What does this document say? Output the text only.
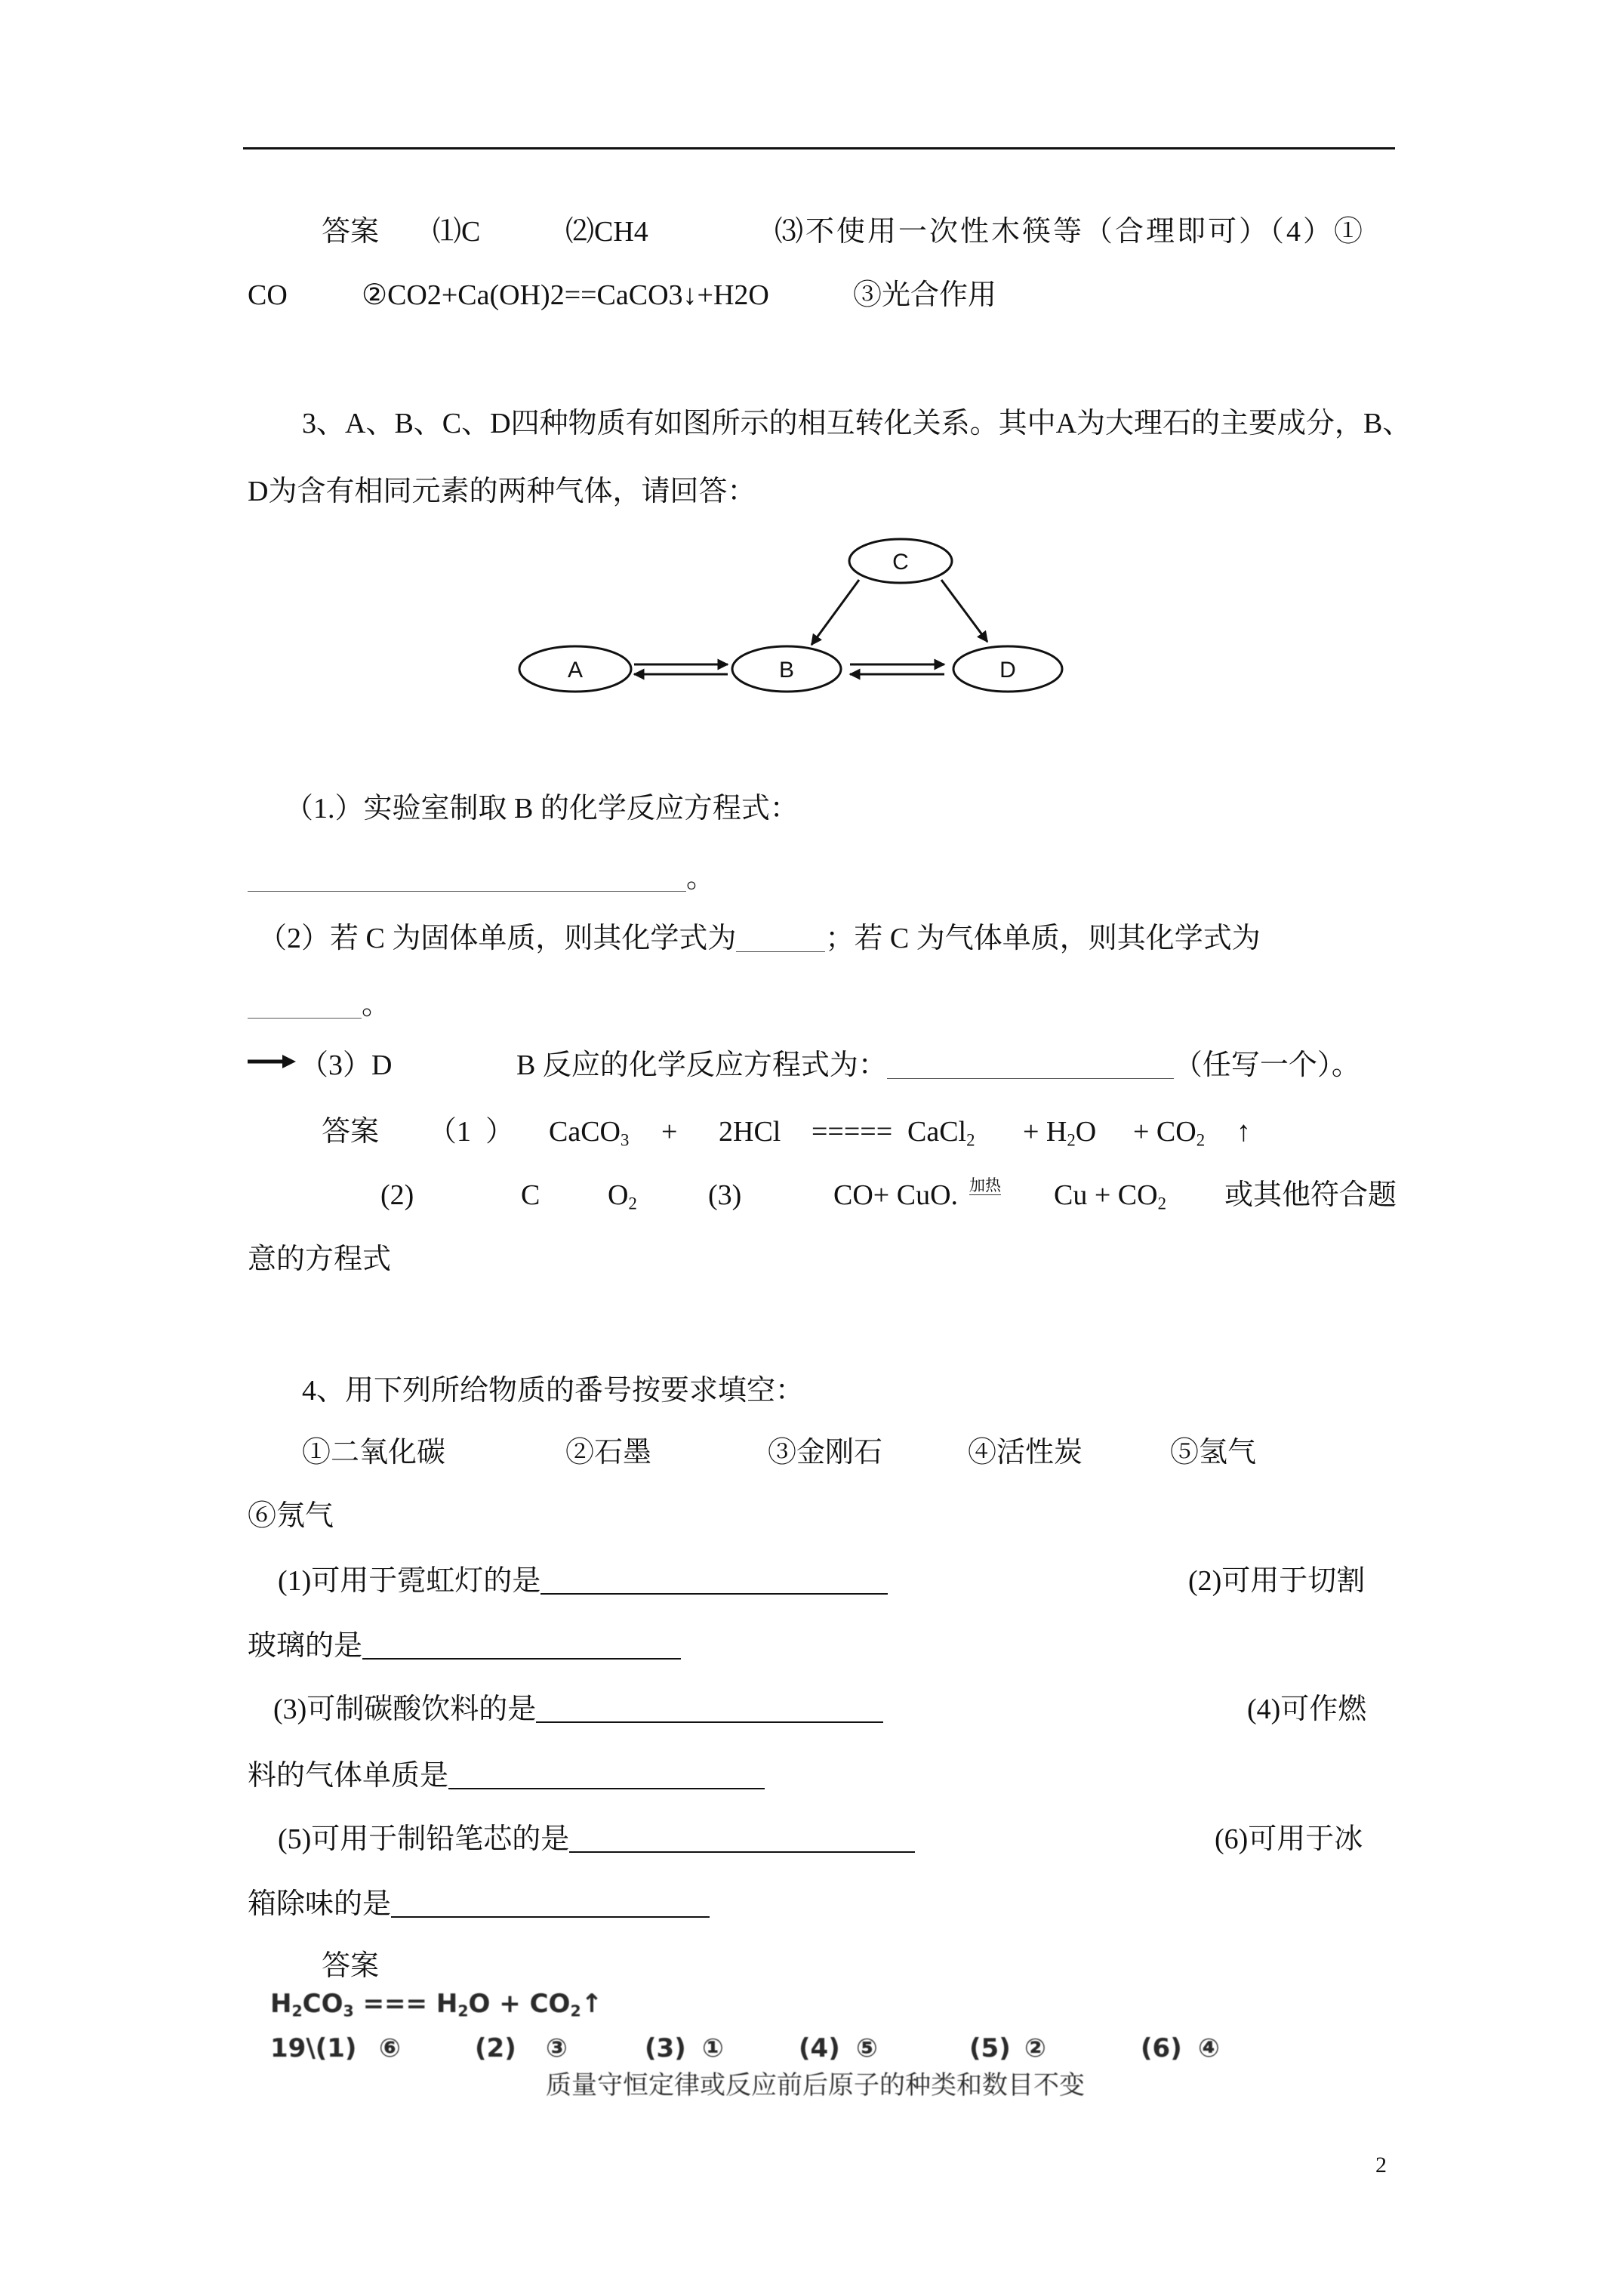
答案 ⑴C	⑵CH4	⑶不使用一次性木筷等（合理即可）（4）①
CO	②CO2+Ca(OH)2==CaCO3↓+H2O	③光合作用
3、A、B、C、D四种物质有如图所示的相互转化关系。其中A为大理石的主要成分，B、
D为含有相同元素的两种气体，请回答：
C
A	B	D
（1.）实验室制取 B 的化学反应方程式：
。
（2）若 C 为固体单质，则其化学式为	；若 C 为气体单质，则其化学式为
。
（3）D	B 反应的化学反应方程式为：	（任写一个）。
答案 （1  ） CaCO$_3$ + 2HCl ===== CaCl$_2$ + $H_2O + CO_2$ ↑
(2)	C $O_2$ (3)	CO+ CuO. 加热 $Cu + CO_2$ 或其他符合题
意的方程式
4、用下列所给物质的番号按要求填空：
①二氧化碳	②石墨	③金刚石	④活性炭	⑤氢气
⑥氖气
(1)可用于霓虹灯的是	(2)可用于切割
玻璃的是
(3)可制碳酸饮料的是	(4)可作燃
料的气体单质是
(5)可用于制铅笔芯的是	(6)可用于冰
箱除味的是
答案
$H_2CO_3$ === $H_2O$ + $CO_2↑$
19\(1) ⑥	(2) ③	(3) ①	(4) ⑤	(5) ②	(6) ④
质量守恒定律或反应前后原子的种类和数目不变
2
